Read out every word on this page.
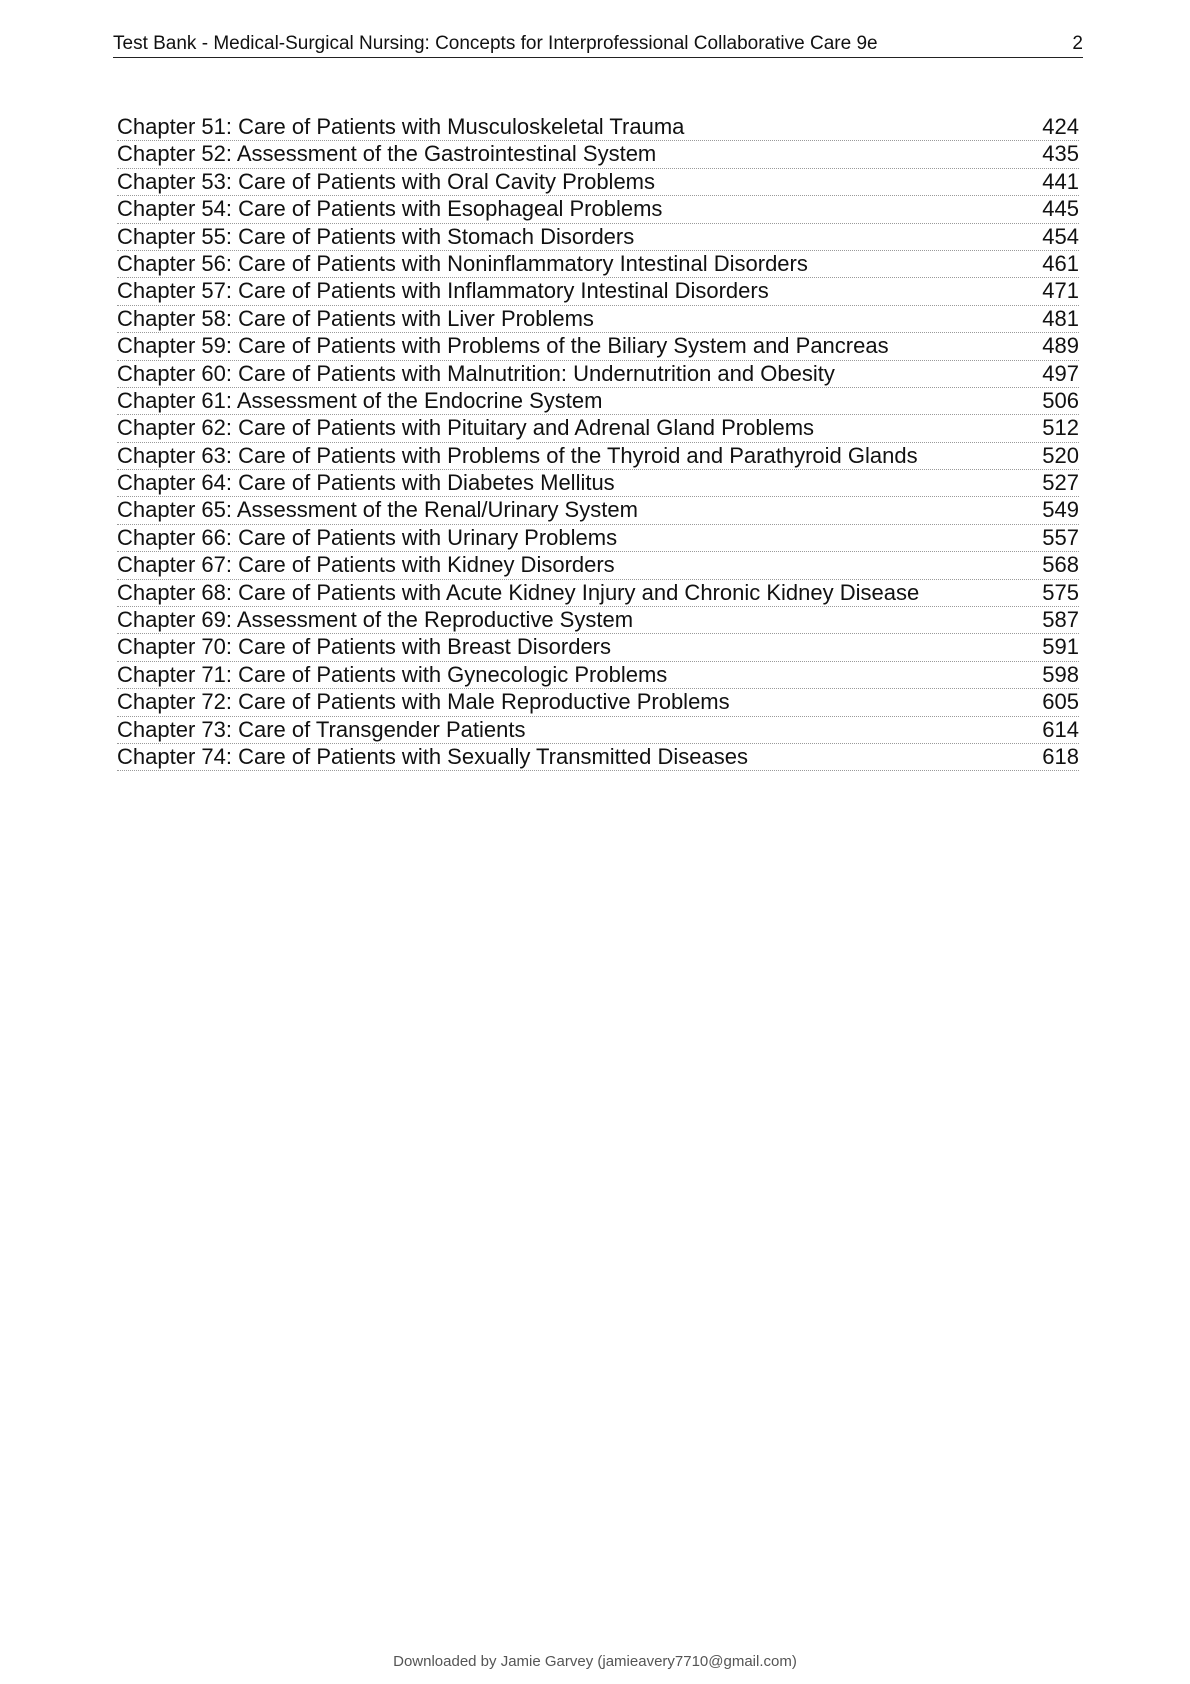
Test Bank - Medical-Surgical Nursing: Concepts for Interprofessional Collaborative Care 9e	2
Chapter 51: Care of Patients with Musculoskeletal Trauma	424
Chapter 52: Assessment of the Gastrointestinal System	435
Chapter 53: Care of Patients with Oral Cavity Problems	441
Chapter 54: Care of Patients with Esophageal Problems	445
Chapter 55: Care of Patients with Stomach Disorders	454
Chapter 56: Care of Patients with Noninflammatory Intestinal Disorders	461
Chapter 57: Care of Patients with Inflammatory Intestinal Disorders	471
Chapter 58: Care of Patients with Liver Problems	481
Chapter 59: Care of Patients with Problems of the Biliary System and Pancreas	489
Chapter 60: Care of Patients with Malnutrition: Undernutrition and Obesity	497
Chapter 61: Assessment of the Endocrine System	506
Chapter 62: Care of Patients with Pituitary and Adrenal Gland Problems	512
Chapter 63: Care of Patients with Problems of the Thyroid and Parathyroid Glands	520
Chapter 64: Care of Patients with Diabetes Mellitus	527
Chapter 65: Assessment of the Renal/Urinary System	549
Chapter 66: Care of Patients with Urinary Problems	557
Chapter 67: Care of Patients with Kidney Disorders	568
Chapter 68: Care of Patients with Acute Kidney Injury and Chronic Kidney Disease	575
Chapter 69: Assessment of the Reproductive System	587
Chapter 70: Care of Patients with Breast Disorders	591
Chapter 71: Care of Patients with Gynecologic Problems	598
Chapter 72: Care of Patients with Male Reproductive Problems	605
Chapter 73: Care of Transgender Patients	614
Chapter 74: Care of Patients with Sexually Transmitted Diseases	618
Downloaded by Jamie Garvey (jamieavery7710@gmail.com)
